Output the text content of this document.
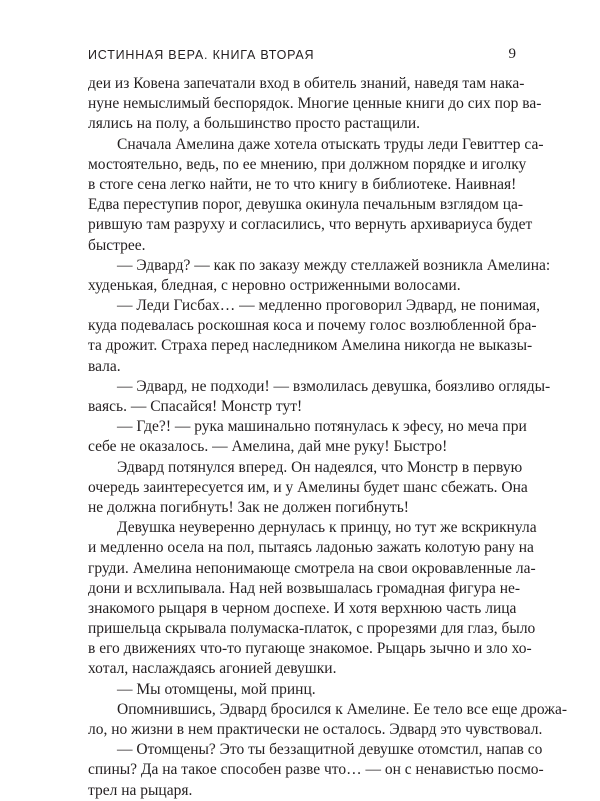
ИСТИННАЯ ВЕРА. КНИГА ВТОРАЯ	9
деи из Ковена запечатали вход в обитель знаний, наведя там нака-
нуне немыслимый беспорядок. Многие ценные книги до сих пор ва-
лялись на полу, а большинство просто растащили.
Сначала Амелина даже хотела отыскать труды леди Гевиттер са-
мостоятельно, ведь, по ее мнению, при должном порядке и иголку
в стоге сена легко найти, не то что книгу в библиотеке. Наивная!
Едва переступив порог, девушка окинула печальным взглядом ца-
рившую там разруху и согласились, что вернуть архивариуса будет
быстрее.
— Эдвард? — как по заказу между стеллажей возникла Амелина:
худенькая, бледная, с неровно остриженными волосами.
— Леди Гисбах… — медленно проговорил Эдвард, не понимая,
куда подевалась роскошная коса и почему голос возлюбленной бра-
та дрожит. Страха перед наследником Амелина никогда не выказы-
вала.
— Эдвард, не подходи! — взмолилась девушка, боязливо огляды-
ваясь. — Спасайся! Монстр тут!
— Где?! — рука машинально потянулась к эфесу, но меча при
себе не оказалось. — Амелина, дай мне руку! Быстро!
Эдвард потянулся вперед. Он надеялся, что Монстр в первую
очередь заинтересуется им, и у Амелины будет шанс сбежать. Она
не должна погибнуть! Зак не должен погибнуть!
Девушка неуверенно дернулась к принцу, но тут же вскрикнула
и медленно осела на пол, пытаясь ладонью зажать колотую рану на
груди. Амелина непонимающе смотрела на свои окровавленные ла-
дони и всхлипывала. Над ней возвышалась громадная фигура не-
знакомого рыцаря в черном доспехе. И хотя верхнюю часть лица
пришельца скрывала полумаска-платок, с прорезями для глаз, было
в его движениях что-то пугающе знакомое. Рыцарь зычно и зло хо-
хотал, наслаждаясь агонией девушки.
— Мы отомщены, мой принц.
Опомнившись, Эдвард бросился к Амелине. Ее тело все еще дрожа-
ло, но жизни в нем практически не осталось. Эдвард это чувствовал.
— Отомщены? Это ты беззащитной девушке отомстил, напав со
спины? Да на такое способен разве что… — он с ненавистью посмо-
трел на рыцаря.
